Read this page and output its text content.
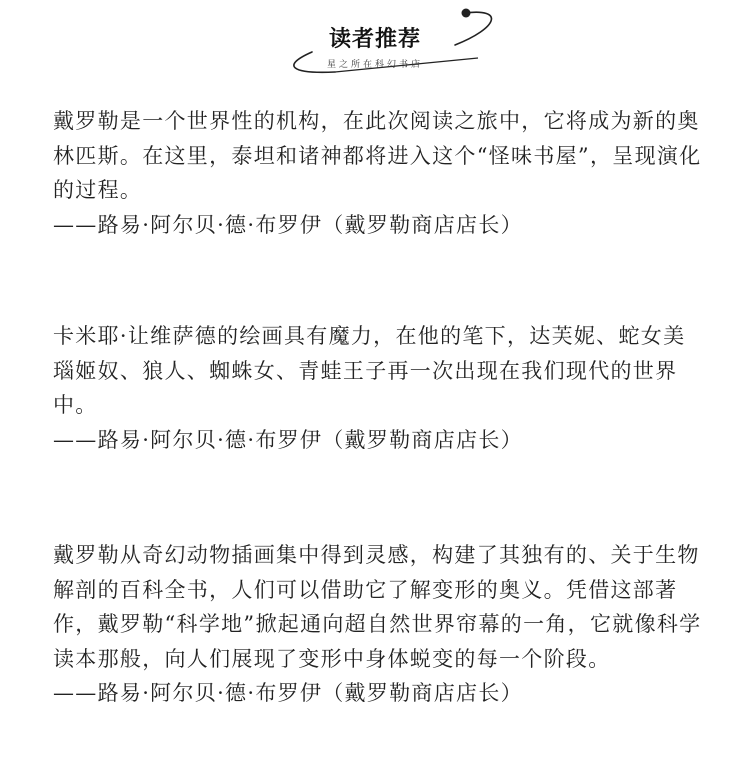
读者推荐
星之所在科幻书店

戴罗勒是一个世界性的机构，在此次阅读之旅中，它将成为新的奥林匹斯。在这里，泰坦和诸神都将进入这个“怪味书屋”，呈现演化的过程。

——路易·阿尔贝·德·布罗伊（戴罗勒商店店长）

卡米耶·让维萨德的绘画具有魔力，在他的笔下，达芙妮、蛇女美瑙姬奴、狼人、蜘蛛女、青蛙王子再一次出现在我们现代的世界中。

——路易·阿尔贝·德·布罗伊（戴罗勒商店店长）

戴罗勒从奇幻动物插画集中得到灵感，构建了其独有的、关于生物解剖的百科全书，人们可以借助它了解变形的奥义。凭借这部著作，戴罗勒“科学地”掀起通向超自然世界帘幕的一角，它就像科学读本那般，向人们展现了变形中身体蜕变的每一个阶段。

——路易·阿尔贝·德·布罗伊（戴罗勒商店店长）
